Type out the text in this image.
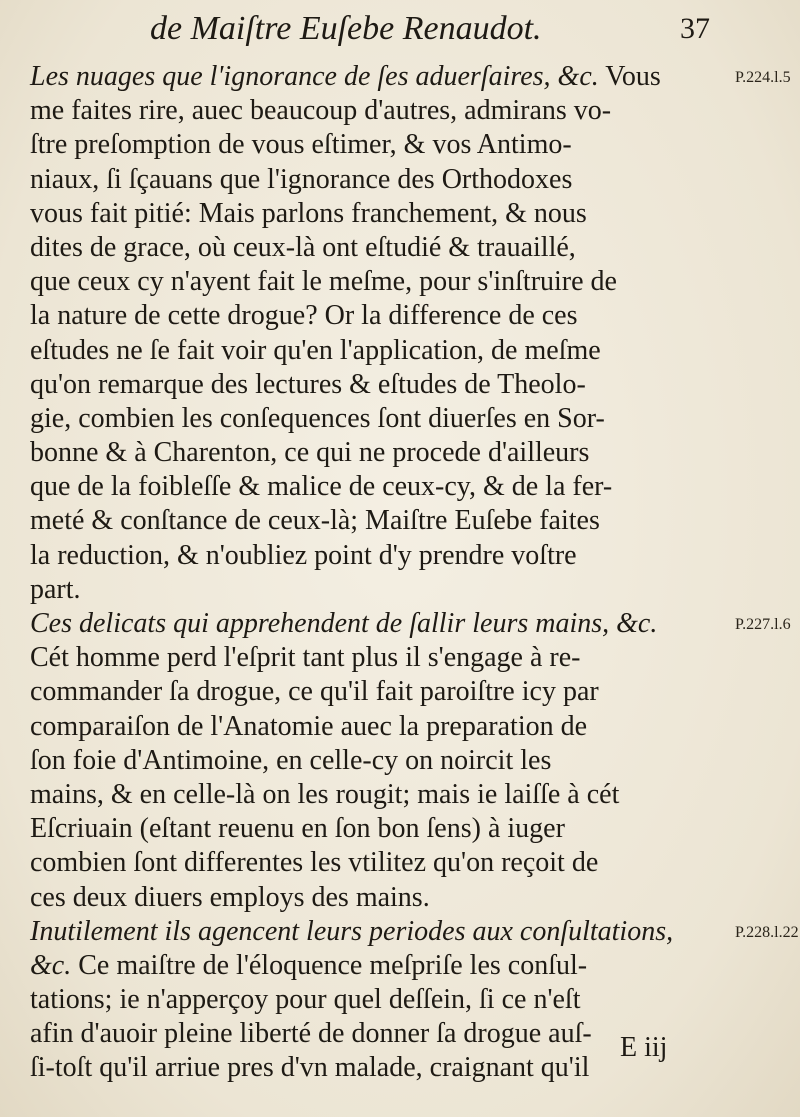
de Maiſtre Euſebe Renaudot.	37
Les nuages que l'ignorance de ſes aduerſaires, &c. Vous
me faites rire, auec beaucoup d'autres, admirans vo-
ſtre preſomption de vous eſtimer, & vos Antimo-
niaux, ſi ſçauans que l'ignorance des Orthodoxes
vous fait pitié: Mais parlons franchement, & nous
dites de grace, où ceux-là ont eſtudié & trauaillé,
que ceux cy n'ayent fait le meſme, pour s'inſtruire de
la nature de cette drogue? Or la difference de ces
eſtudes ne ſe fait voir qu'en l'application, de meſme
qu'on remarque des lectures & eſtudes de Theolo-
gie, combien les conſequences ſont diuerſes en Sor-
bonne & à Charenton, ce qui ne procede d'ailleurs
que de la foibleſſe & malice de ceux-cy, & de la fer-
meté & conſtance de ceux-là; Maiſtre Euſebe faites
la reduction, & n'oubliez point d'y prendre voſtre
part.
Ces delicats qui apprehendent de ſallir leurs mains, &c.
Cét homme perd l'eſprit tant plus il s'engage à re-
commander ſa drogue, ce qu'il fait paroiſtre icy par
comparaiſon de l'Anatomie auec la preparation de
ſon foie d'Antimoine, en celle-cy on noircit les
mains, & en celle-là on les rougit; mais ie laiſſe à cét
Eſcriuain (eſtant reuenu en ſon bon ſens) à iuger
combien ſont differentes les vtilitez qu'on reçoit de
ces deux diuers employs des mains.
Inutilement ils agencent leurs periodes aux conſultations,
&c. Ce maiſtre de l'éloquence meſpriſe les conſul-
tations; ie n'apperçoy pour quel deſſein, ſi ce n'eſt
afin d'auoir pleine liberté de donner ſa drogue auſ-
ſi-toſt qu'il arriue pres d'vn malade, craignant qu'il
P.224.l.5
P.227.l.6
P.228.l.22
E iij
